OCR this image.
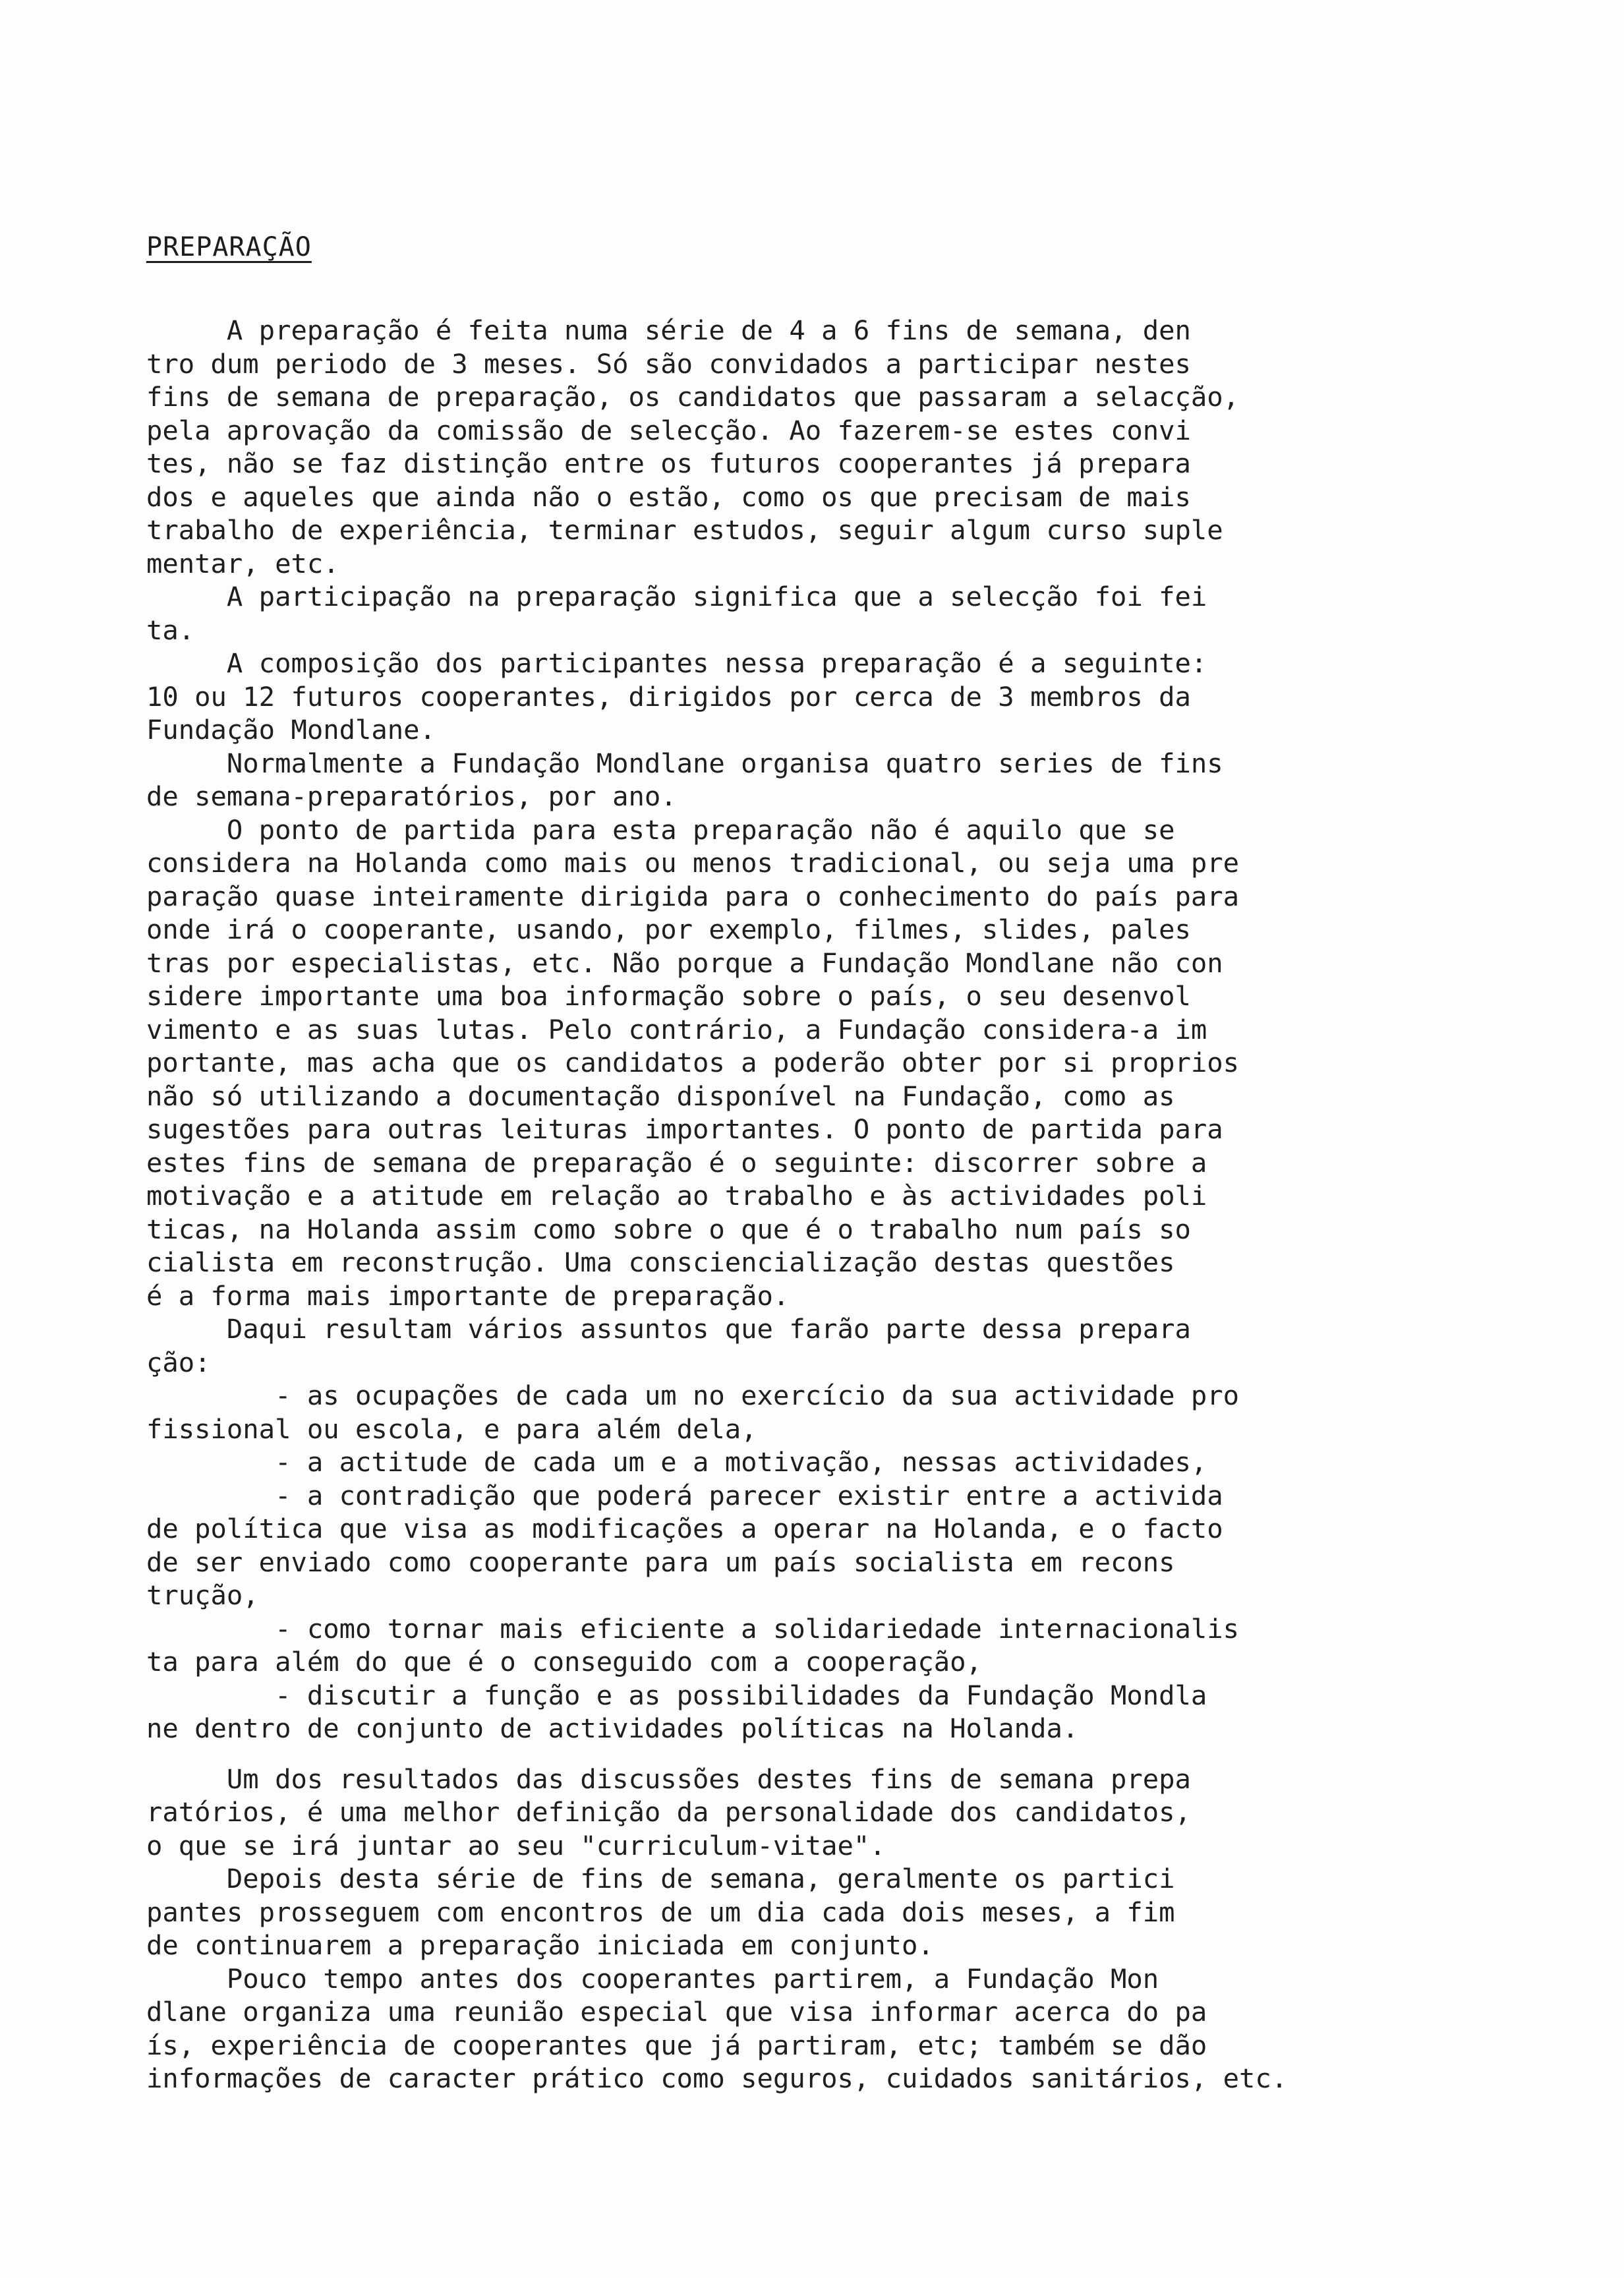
PREPARAÇÃO
A preparação é feita numa série de 4 a 6 fins de semana, den
tro dum periodo de 3 meses. Só são convidados a participar nestes
fins de semana de preparação, os candidatos que passaram a selacção,
pela aprovação da comissão de selecção. Ao fazerem-se estes convi
tes, não se faz distinção entre os futuros cooperantes já prepara
dos e aqueles que ainda não o estão, como os que precisam de mais
trabalho de experiência, terminar estudos, seguir algum curso suple
mentar, etc.
A participação na preparação significa que a selecção foi fei
ta.
A composição dos participantes nessa preparação é a seguinte:
10 ou 12 futuros cooperantes, dirigidos por cerca de 3 membros da
Fundação Mondlane.
Normalmente a Fundação Mondlane organisa quatro series de fins
de semana-preparatórios, por ano.
O ponto de partida para esta preparação não é aquilo que se
considera na Holanda como mais ou menos tradicional, ou seja uma pre
paração quase inteiramente dirigida para o conhecimento do país para
onde irá o cooperante, usando, por exemplo, filmes, slides, pales
tras por especialistas, etc. Não porque a Fundação Mondlane não con
sidere importante uma boa informação sobre o país, o seu desenvol
vimento e as suas lutas. Pelo contrário, a Fundação considera-a im
portante, mas acha que os candidatos a poderão obter por si proprios
não só utilizando a documentação disponível na Fundação, como as
sugestões para outras leituras importantes. O ponto de partida para
estes fins de semana de preparação é o seguinte: discorrer sobre a
motivação e a atitude em relação ao trabalho e às actividades poli
ticas, na Holanda assim como sobre o que é o trabalho num país so
cialista em reconstrução. Uma consciencialização destas questões
é a forma mais importante de preparação.
Daqui resultam vários assuntos que farão parte dessa prepara
ção:
- as ocupações de cada um no exercício da sua actividade pro
fissional ou escola, e para além dela,
- a actitude de cada um e a motivação, nessas actividades,
- a contradição que poderá parecer existir entre a activida
de política que visa as modificações a operar na Holanda, e o facto
de ser enviado como cooperante para um país socialista em recons
trução,
- como tornar mais eficiente a solidariedade internacionalis
ta para além do que é o conseguido com a cooperação,
- discutir a função e as possibilidades da Fundação Mondla
ne dentro de conjunto de actividades políticas na Holanda.
Um dos resultados das discussões destes fins de semana prepa
ratórios, é uma melhor definição da personalidade dos candidatos,
o que se irá juntar ao seu "curriculum-vitae".
Depois desta série de fins de semana, geralmente os partici
pantes prosseguem com encontros de um dia cada dois meses, a fim
de continuarem a preparação iniciada em conjunto.
Pouco tempo antes dos cooperantes partirem, a Fundação Mon
dlane organiza uma reunião especial que visa informar acerca do pa
ís, experiência de cooperantes que já partiram, etc; também se dão
informações de caracter prático como seguros, cuidados sanitários, etc.
